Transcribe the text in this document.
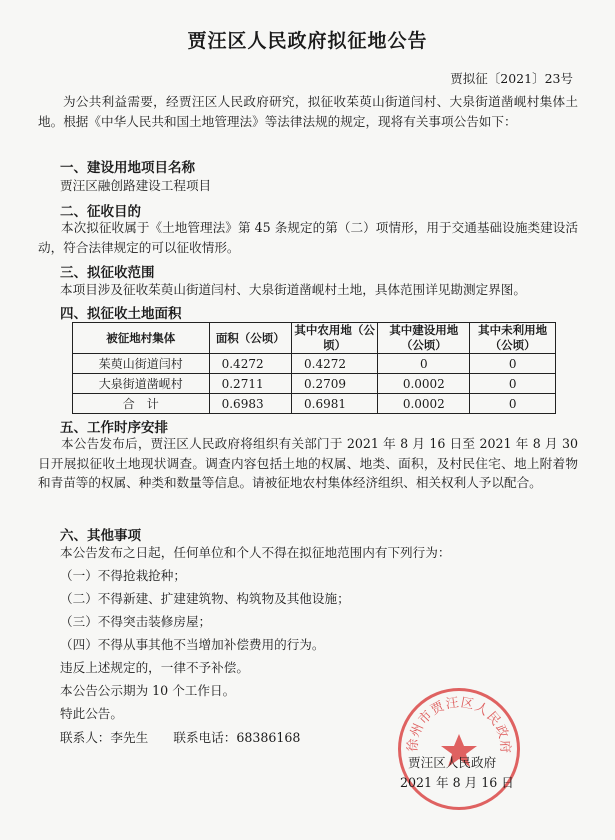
贾汪区人民政府拟征地公告
贾拟征〔2021〕23号
为公共利益需要，经贾汪区人民政府研究，拟征收茱萸山街道闫村、大泉街道凿岘村集体土地。根据《中华人民共和国土地管理法》等法律法规的规定，现将有关事项公告如下：
一、建设用地项目名称
贾汪区融创路建设工程项目
二、征收目的
本次拟征收属于《土地管理法》第 45 条规定的第（二）项情形，用于交通基础设施类建设活动，符合法律规定的可以征收情形。
三、拟征收范围
本项目涉及征收茱萸山街道闫村、大泉街道凿岘村土地，具体范围详见勘测定界图。
四、拟征收土地面积
被征地村集体	面积（公顷）	其中农用地（公顷）	其中建设用地（公顷）	其中未利用地（公顷）
茱萸山街道闫村	0.4272	0.4272	0	0
大泉街道凿岘村	0.2711	0.2709	0.0002	0
合　计	0.6983	0.6981	0.0002	0
五、工作时序安排
本公告发布后，贾汪区人民政府将组织有关部门于 2021 年 8 月 16 日至 2021 年 8 月 30 日开展拟征收土地现状调查。调查内容包括土地的权属、地类、面积，及村民住宅、地上附着物和青苗等的权属、种类和数量等信息。请被征地农村集体经济组织、相关权利人予以配合。
六、其他事项
本公告发布之日起，任何单位和个人不得在拟征地范围内有下列行为：
（一）不得抢栽抢种；
（二）不得新建、扩建建筑物、构筑物及其他设施；
（三）不得突击装修房屋；
（四）不得从事其他不当增加补偿费用的行为。
违反上述规定的，一律不予补偿。
本公告公示期为 10 个工作日。
特此公告。
联系人：李先生　　联系电话：68386168	徐州市贾汪区人民政府
贾汪区人民政府
2021 年 8 月 16 日
